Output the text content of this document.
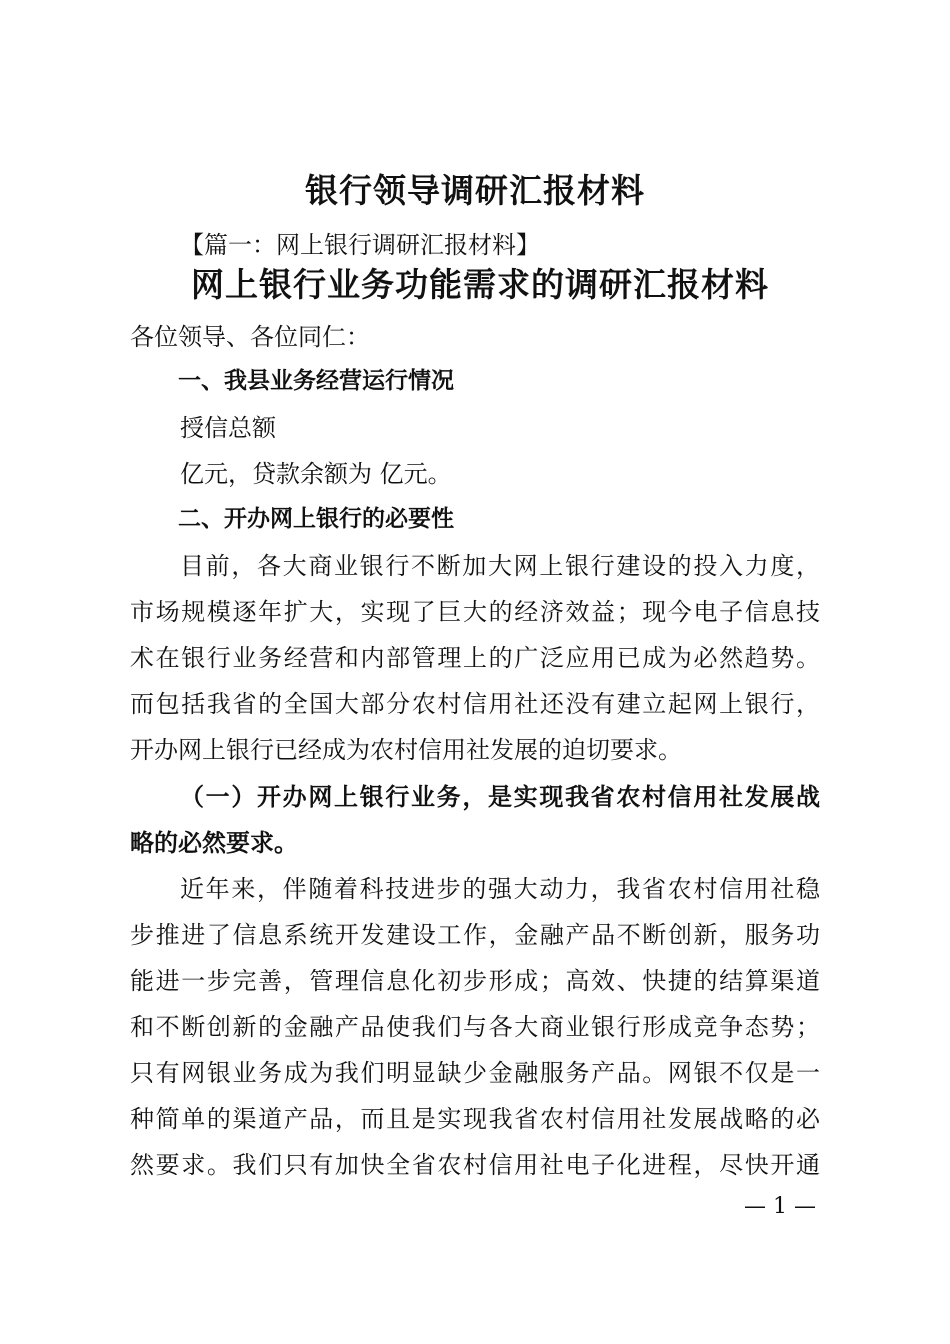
银行领导调研汇报材料

【篇一：网上银行调研汇报材料】

网上银行业务功能需求的调研汇报材料

各位领导、各位同仁：

一、我县业务经营运行情况

授信总额

亿元，贷款余额为 亿元。

二、开办网上银行的必要性

目前，各大商业银行不断加大网上银行建设的投入力度，

市场规模逐年扩大，实现了巨大的经济效益；现今电子信息技

术在银行业务经营和内部管理上的广泛应用已成为必然趋势。

而包括我省的全国大部分农村信用社还没有建立起网上银行，

开办网上银行已经成为农村信用社发展的迫切要求。

（一）开办网上银行业务，是实现我省农村信用社发展战

略的必然要求。

近年来，伴随着科技进步的强大动力，我省农村信用社稳

步推进了信息系统开发建设工作，金融产品不断创新，服务功

能进一步完善，管理信息化初步形成；高效、快捷的结算渠道

和不断创新的金融产品使我们与各大商业银行形成竞争态势；

只有网银业务成为我们明显缺少金融服务产品。网银不仅是一

种简单的渠道产品，而且是实现我省农村信用社发展战略的必

然要求。我们只有加快全省农村信用社电子化进程，尽快开通

— 1 —
